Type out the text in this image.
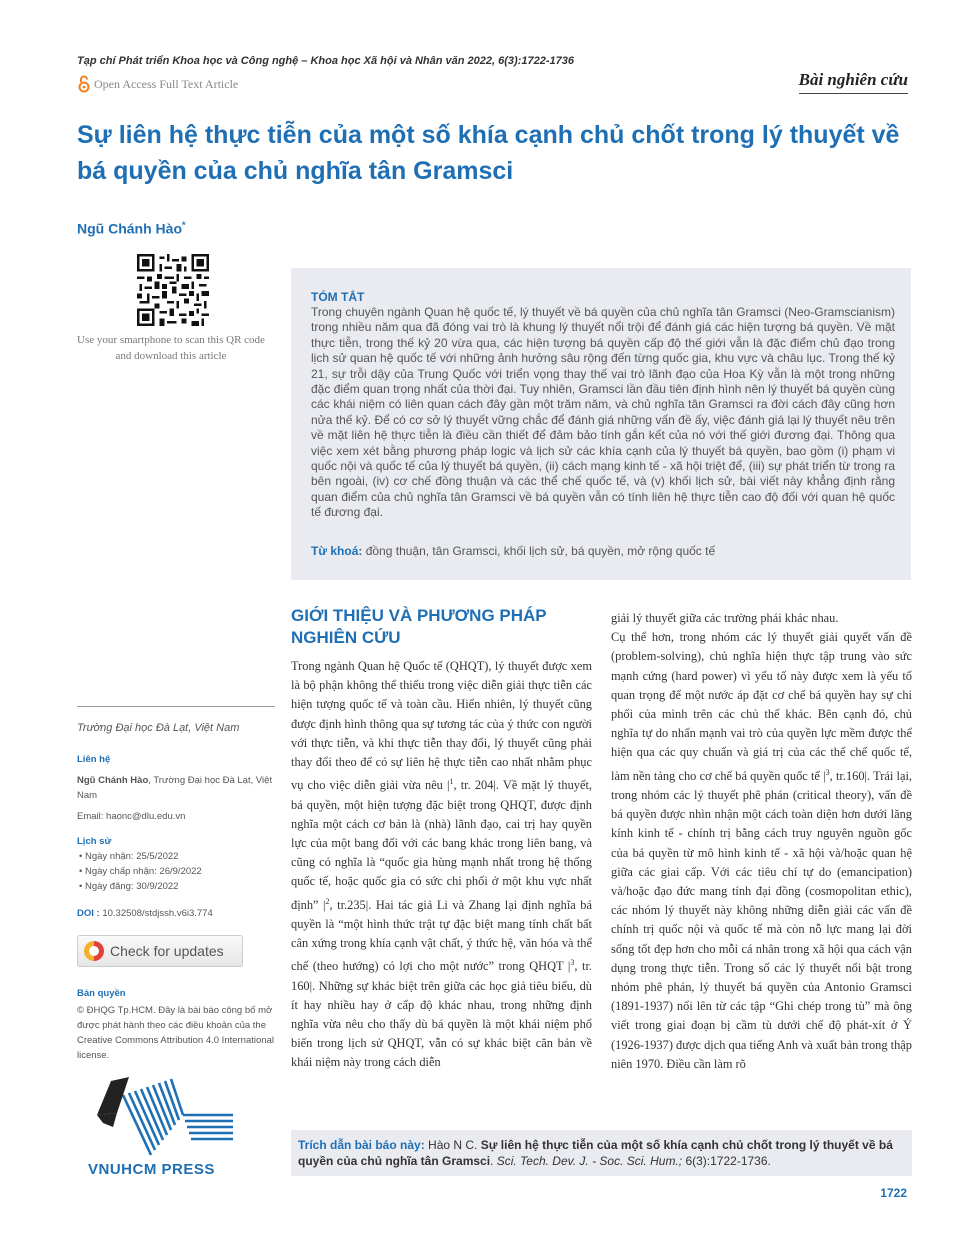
Tạp chí Phát triển Khoa học và Công nghệ – Khoa học Xã hội và Nhân văn 2022, 6(3):1722-1736
Open Access Full Text Article	Bài nghiên cứu
Sự liên hệ thực tiễn của một số khía cạnh chủ chốt trong lý thuyết về bá quyền của chủ nghĩa tân Gramsci
Ngũ Chánh Hào*
Use your smartphone to scan this QR code and download this article
TÓM TẮT
Trong chuyên ngành Quan hệ quốc tế, lý thuyết về bá quyền của chủ nghĩa tân Gramsci (Neo-Gramscianism) trong nhiều năm qua đã đóng vai trò là khung lý thuyết nổi trội để đánh giá các hiện tượng bá quyền. Về mặt thực tiễn, trong thế kỷ 20 vừa qua, các hiện tượng bá quyền cấp độ thế giới vẫn là đặc điểm chủ đạo trong lịch sử quan hệ quốc tế với những ảnh hưởng sâu rộng đến từng quốc gia, khu vực và châu lục. Trong thế kỷ 21, sự trỗi dậy của Trung Quốc với triển vọng thay thế vai trò lãnh đạo của Hoa Kỳ vẫn là một trong những đặc điểm quan trọng nhất của thời đại. Tuy nhiên, Gramsci lần đầu tiên định hình nên lý thuyết bá quyền cùng các khái niệm có liên quan cách đây gần một trăm năm, và chủ nghĩa tân Gramsci ra đời cách đây cũng hơn nửa thế kỷ. Để có cơ sở lý thuyết vững chắc để đánh giá những vấn đề ấy, việc đánh giá lại lý thuyết nêu trên về mặt liên hệ thực tiễn là điều cần thiết để đảm bảo tính gắn kết của nó với thế giới đương đại. Thông qua việc xem xét bằng phương pháp logic và lịch sử các khía cạnh của lý thuyết bá quyền, bao gồm (i) phạm vi quốc nội và quốc tế của lý thuyết bá quyền, (ii) cách mạng kinh tế - xã hội triệt để, (iii) sự phát triển từ trong ra bên ngoài, (iv) cơ chế đồng thuận và các thể chế quốc tế, và (v) khối lịch sử, bài viết này khẳng định rằng quan điểm của chủ nghĩa tân Gramsci về bá quyền vẫn có tính liên hệ thực tiễn cao độ đối với quan hệ quốc tế đương đại.
Từ khoá: đồng thuận, tân Gramsci, khối lịch sử, bá quyền, mở rộng quốc tế
GIỚI THIỆU VÀ PHƯƠNG PHÁP NGHIÊN CỨU

Trong ngành Quan hệ Quốc tế (QHQT), lý thuyết được xem là bộ phận không thể thiếu trong việc diễn giải thực tiễn các hiện tượng quốc tế và toàn cầu. Hiển nhiên, lý thuyết cũng được định hình thông qua sự tương tác của ý thức con người với thực tiễn, và khi thực tiễn thay đổi, lý thuyết cũng phải thay đổi theo để có sự liên hệ thực tiễn cao nhất nhằm phục vụ cho việc diễn giải vừa nêu $|^1$, tr. 204|. Về mặt lý thuyết, bá quyền, một hiện tượng đặc biệt trong QHQT, được định nghĩa một cách cơ bản là (nhà) lãnh đạo, cai trị hay quyền lực của một bang đối với các bang khác trong liên bang, và cũng có nghĩa là “quốc gia hùng mạnh nhất trong hệ thống quốc tế, hoặc quốc gia có sức chi phối ở một khu vực nhất định” $|^2$, tr.235|. Hai tác giả Li và Zhang lại định nghĩa bá quyền là “một hình thức trật tự đặc biệt mang tính chất bất cân xứng trong khía cạnh vật chất, ý thức hệ, văn hóa và thể chế (theo hướng) có lợi cho một nước” trong QHQT $|^3$, tr. 160|. Những sự khác biệt trên giữa các học giả tiêu biểu, dù ít hay nhiều hay ở cấp độ khác nhau, trong những định nghĩa vừa nêu cho thấy dù bá quyền là một khái niệm phổ biến trong lịch sử QHQT, vẫn có sự khác biệt căn bản về khái niệm này trong cách diễn

giải lý thuyết giữa các trường phái khác nhau.

Cụ thể hơn, trong nhóm các lý thuyết giải quyết vấn đề (problem-solving), chủ nghĩa hiện thực tập trung vào sức mạnh cứng (hard power) vì yếu tố này được xem là yếu tố quan trọng để một nước áp đặt cơ chế bá quyền hay sự chi phối của mình trên các chủ thể khác. Bên cạnh đó, chủ nghĩa tự do nhấn mạnh vai trò của quyền lực mềm được thể hiện qua các quy chuẩn và giá trị của các thể chế quốc tế, làm nền tảng cho cơ chế bá quyền quốc tế $|^3$, tr.160|. Trái lại, trong nhóm các lý thuyết phê phán (critical theory), vấn đề bá quyền được nhìn nhận một cách toàn diện hơn dưới lăng kính kinh tế - chính trị bằng cách truy nguyên nguồn gốc của bá quyền từ mô hình kinh tế - xã hội và/hoặc quan hệ giữa các giai cấp. Với các tiêu chí tự do (emancipation) và/hoặc đạo đức mang tính đại đồng (cosmopolitan ethic), các nhóm lý thuyết này không những diễn giải các vấn đề chính trị quốc nội và quốc tế mà còn nỗ lực mang lại đời sống tốt đẹp hơn cho mỗi cá nhân trong xã hội qua cách vận dụng trong thực tiễn. Trong số các lý thuyết nổi bật trong nhóm phê phán, lý thuyết bá quyền của Antonio Gramsci (1891-1937) nổi lên từ các tập “Ghi chép trong tù” mà ông viết trong giai đoạn bị cầm tù dưới chế độ phát-xít ở Ý (1926-1937) được dịch qua tiếng Anh và xuất bản trong thập niên 1970. Điều cần làm rõ

Trường Đại học Đà Lạt, Việt Nam
Liên hệ
Ngũ Chánh Hào, Trường Đại học Đà Lạt, Việt Nam
Email: haonc@dlu.edu.vn
Lịch sử
• Ngày nhận: 25/5/2022
• Ngày chấp nhận: 26/9/2022
• Ngày đăng: 30/9/2022
DOI : 10.32508/stdjssh.v6i3.774
Check for updates
Bản quyền
© ĐHQG Tp.HCM. Đây là bài báo công bố mở được phát hành theo các điều khoản của the Creative Commons Attribution 4.0 International license.
VNUHCM PRESS
Trích dẫn bài báo này: Hào N C. Sự liên hệ thực tiễn của một số khía cạnh chủ chốt trong lý thuyết về bá quyền của chủ nghĩa tân Gramsci. Sci. Tech. Dev. J. - Soc. Sci. Hum.; 6(3):1722-1736.
1722
